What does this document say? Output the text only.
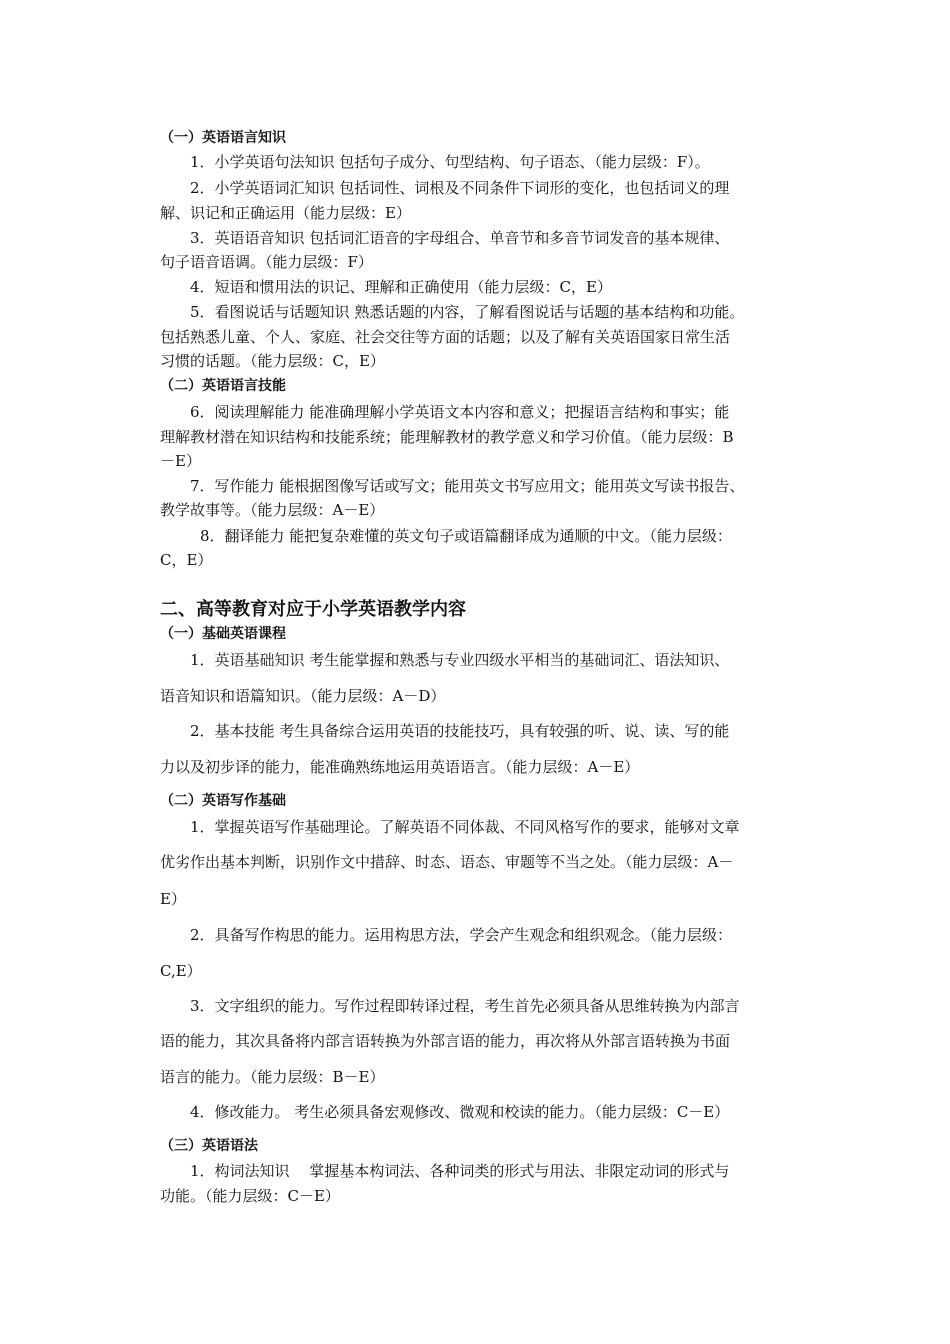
（一）英语语言知识
1．小学英语句法知识 包括句子成分、句型结构、句子语态、（能力层级：F）。
2．小学英语词汇知识 包括词性、词根及不同条件下词形的变化，也包括词义的理
解、识记和正确运用（能力层级：E）
3．英语语音知识 包括词汇语音的字母组合、单音节和多音节词发音的基本规律、
句子语音语调。（能力层级：F）
4．短语和惯用法的识记、理解和正确使用（能力层级：C，E）
5．看图说话与话题知识 熟悉话题的内容，了解看图说话与话题的基本结构和功能。
包括熟悉儿童、个人、家庭、社会交往等方面的话题；以及了解有关英语国家日常生活
习惯的话题。（能力层级：C，E）
（二）英语语言技能
6．阅读理解能力 能准确理解小学英语文本内容和意义；把握语言结构和事实；能
理解教材潜在知识结构和技能系统；能理解教材的教学意义和学习价值。（能力层级：B
－E）
7．写作能力 能根据图像写话或写文；能用英文书写应用文；能用英文写读书报告、
教学故事等。（能力层级：A－E）
8．翻译能力 能把复杂难懂的英文句子或语篇翻译成为通顺的中文。（能力层级：
C，E）
二、高等教育对应于小学英语教学内容
（一）基础英语课程
1．英语基础知识 考生能掌握和熟悉与专业四级水平相当的基础词汇、语法知识、
语音知识和语篇知识。（能力层级：A－D）
2．基本技能 考生具备综合运用英语的技能技巧，具有较强的听、说、读、写的能
力以及初步译的能力，能准确熟练地运用英语语言。（能力层级：A－E）
（二）英语写作基础
1．掌握英语写作基础理论。了解英语不同体裁、不同风格写作的要求，能够对文章
优劣作出基本判断，识别作文中措辞、时态、语态、审题等不当之处。（能力层级：A－
E）
2．具备写作构思的能力。运用构思方法，学会产生观念和组织观念。（能力层级：
C,E）
3．文字组织的能力。写作过程即转译过程，考生首先必须具备从思维转换为内部言
语的能力，其次具备将内部言语转换为外部言语的能力，再次将从外部言语转换为书面
语言的能力。（能力层级：B－E）
4．修改能力。 考生必须具备宏观修改、微观和校读的能力。（能力层级：C－E）
（三）英语语法
1．构词法知识　 掌握基本构词法、各种词类的形式与用法、非限定动词的形式与
功能。（能力层级：C－E）
